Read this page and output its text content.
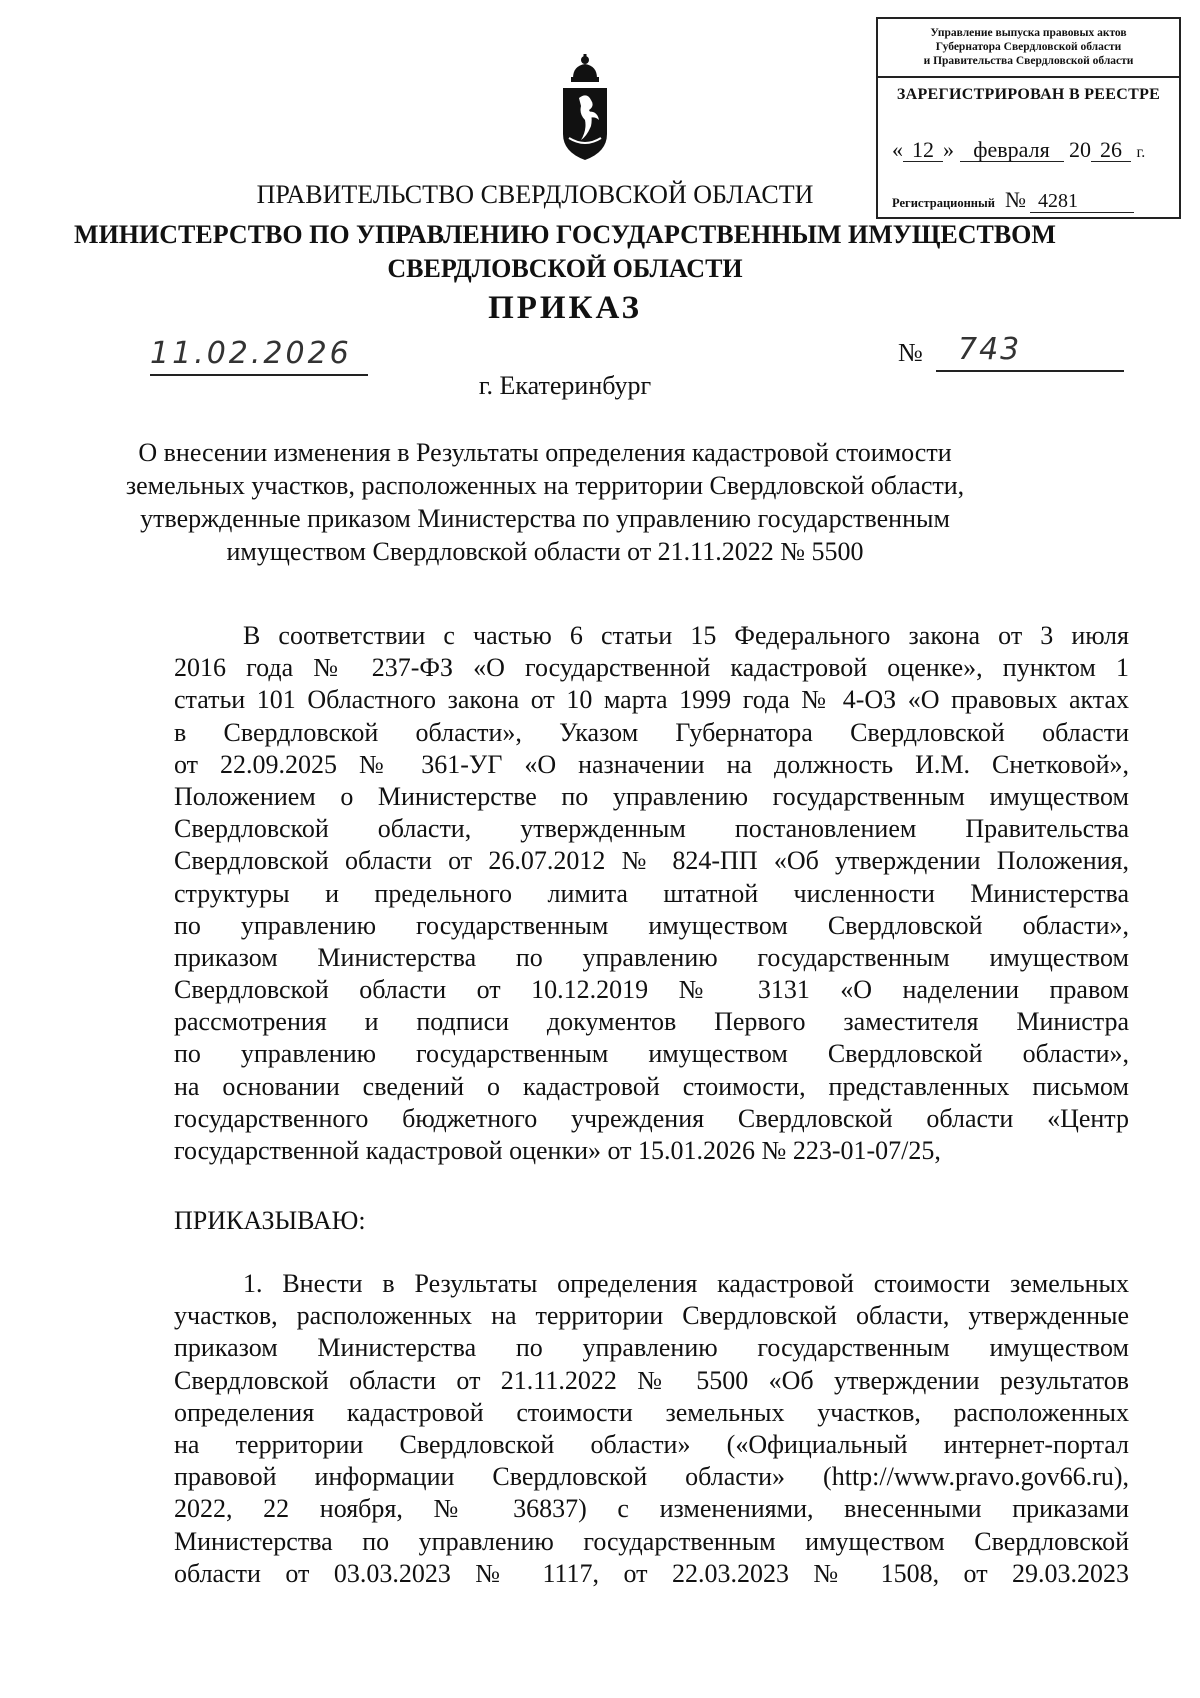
Управление выпуска правовых актов
Губернатора Свердловской области
и Правительства Свердловской области
ЗАРЕГИСТРИРОВАН В РЕЕСТРЕ
« 12 » февраля 20 26 г.
Регистрационный № 4281
ПРАВИТЕЛЬСТВО СВЕРДЛОВСКОЙ ОБЛАСТИ
МИНИСТЕРСТВО ПО УПРАВЛЕНИЮ ГОСУДАРСТВЕННЫМ ИМУЩЕСТВОМ
СВЕРДЛОВСКОЙ ОБЛАСТИ
ПРИКАЗ
11.02.2026	№	743
г. Екатеринбург
О внесении изменения в Результаты определения кадастровой стоимости
земельных участков, расположенных на территории Свердловской области,
утвержденные приказом Министерства по управлению государственным
имуществом Свердловской области от 21.11.2022 № 5500
В соответствии с частью 6 статьи 15 Федерального закона от 3 июля
2016 года № 237-ФЗ «О государственной кадастровой оценке», пунктом 1
статьи 101 Областного закона от 10 марта 1999 года № 4-ОЗ «О правовых актах
в Свердловской области», Указом Губернатора Свердловской области
от 22.09.2025 № 361-УГ «О назначении на должность И.М. Снетковой»,
Положением о Министерстве по управлению государственным имуществом
Свердловской области, утвержденным постановлением Правительства
Свердловской области от 26.07.2012 № 824-ПП «Об утверждении Положения,
структуры и предельного лимита штатной численности Министерства
по управлению государственным имуществом Свердловской области»,
приказом Министерства по управлению государственным имуществом
Свердловской области от 10.12.2019 № 3131 «О наделении правом
рассмотрения и подписи документов Первого заместителя Министра
по управлению государственным имуществом Свердловской области»,
на основании сведений о кадастровой стоимости, представленных письмом
государственного бюджетного учреждения Свердловской области «Центр
государственной кадастровой оценки» от 15.01.2026 № 223-01-07/25,
ПРИКАЗЫВАЮ:
1. Внести в Результаты определения кадастровой стоимости земельных
участков, расположенных на территории Свердловской области, утвержденные
приказом Министерства по управлению государственным имуществом
Свердловской области от 21.11.2022 № 5500 «Об утверждении результатов
определения кадастровой стоимости земельных участков, расположенных
на территории Свердловской области» («Официальный интернет-портал
правовой информации Свердловской области» (http://www.pravo.gov66.ru),
2022, 22 ноября, № 36837) с изменениями, внесенными приказами
Министерства по управлению государственным имуществом Свердловской
области от 03.03.2023 № 1117, от 22.03.2023 № 1508, от 29.03.2023
